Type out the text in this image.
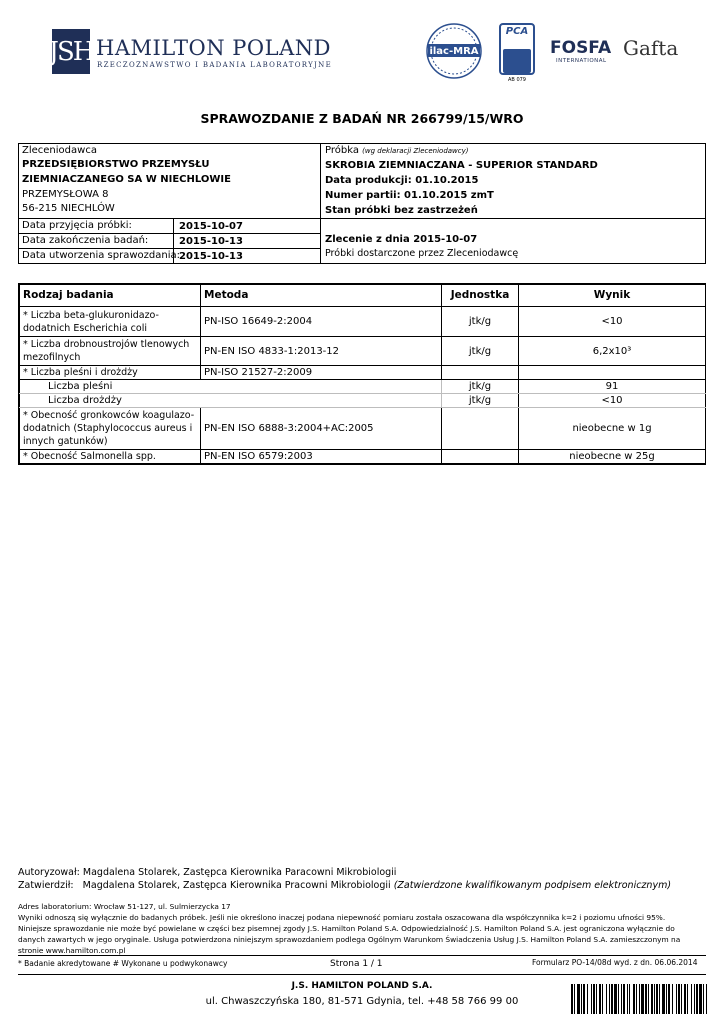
JSH HAMILTON POLAND
RZECZOZNAWSTWO I BADANIA LABORATORYJNE
ilac-MRA
PCA
AB 079
FOSFA
INTERNATIONAL
Gafta
SPRAWOZDANIE Z BADAŃ NR 266799/15/WRO
Zleceniodawca
PRZEDSIĘBIORSTWO PRZEMYSŁU
ZIEMNIACZANEGO SA W NIECHLOWIE
PRZEMYSŁOWA 8
56-215 NIECHLÓW
Data przyjęcia próbki:	2015-10-07
Data zakończenia badań:	2015-10-13
Data utworzenia sprawozdania: 2015-10-13
Próbka (wg deklaracji Zleceniodawcy)
SKROBIA ZIEMNIACZANA - SUPERIOR STANDARD
Data produkcji: 01.10.2015
Numer partii: 01.10.2015 zmT
Stan próbki bez zastrzeżeń
Zlecenie z dnia 2015-10-07
Próbki dostarczone przez Zleceniodawcę
Rodzaj badania	Metoda	Jednostka	Wynik
* Liczba beta-glukuronidazo-dodatnich Escherichia coli	PN-ISO 16649-2:2004	jtk/g	<10
* Liczba drobnoustrojów tlenowych mezofilnych	PN-EN ISO 4833-1:2013-12	jtk/g	6,2x10³
* Liczba pleśni i drożdży	PN-ISO 21527-2:2009		
Liczba pleśni		jtk/g	91
Liczba drożdży		jtk/g	<10
* Obecność gronkowców koagulazo-dodatnich (Staphylococcus aureus i innych gatunków)	PN-EN ISO 6888-3:2004+AC:2005		nieobecne w 1g
* Obecność Salmonella spp.	PN-EN ISO 6579:2003		nieobecne w 25g
Autoryzował: Magdalena Stolarek, Zastępca Kierownika Paracowni Mikrobiologii
Zatwierdził: Magdalena Stolarek, Zastępca Kierownika Pracowni Mikrobiologii (Zatwierdzone kwalifikowanym podpisem elektronicznym)
Adres laboratorium: Wrocław 51-127, ul. Sulmierzycka 17
Wyniki odnoszą się wyłącznie do badanych próbek. Jeśli nie określono inaczej podana niepewność pomiaru została oszacowana dla współczynnika k=2 i poziomu ufności 95%.
Niniejsze sprawozdanie nie może być powielane w części bez pisemnej zgody J.S. Hamilton Poland S.A. Odpowiedzialność J.S. Hamilton Poland S.A. jest ograniczona wyłącznie do
danych zawartych w jego oryginale. Usługa potwierdzona niniejszym sprawozdaniem podlega Ogólnym Warunkom Świadczenia Usług J.S. Hamilton Poland S.A. zamieszczonym na
stronie www.hamilton.com.pl
* Badanie akredytowane # Wykonane u podwykonawcy	Strona 1 / 1	Formularz PO-14/08d wyd. z dn. 06.06.2014
J.S. HAMILTON POLAND S.A.
ul. Chwaszczyńska 180, 81-571 Gdynia, tel. +48 58 766 99 00
